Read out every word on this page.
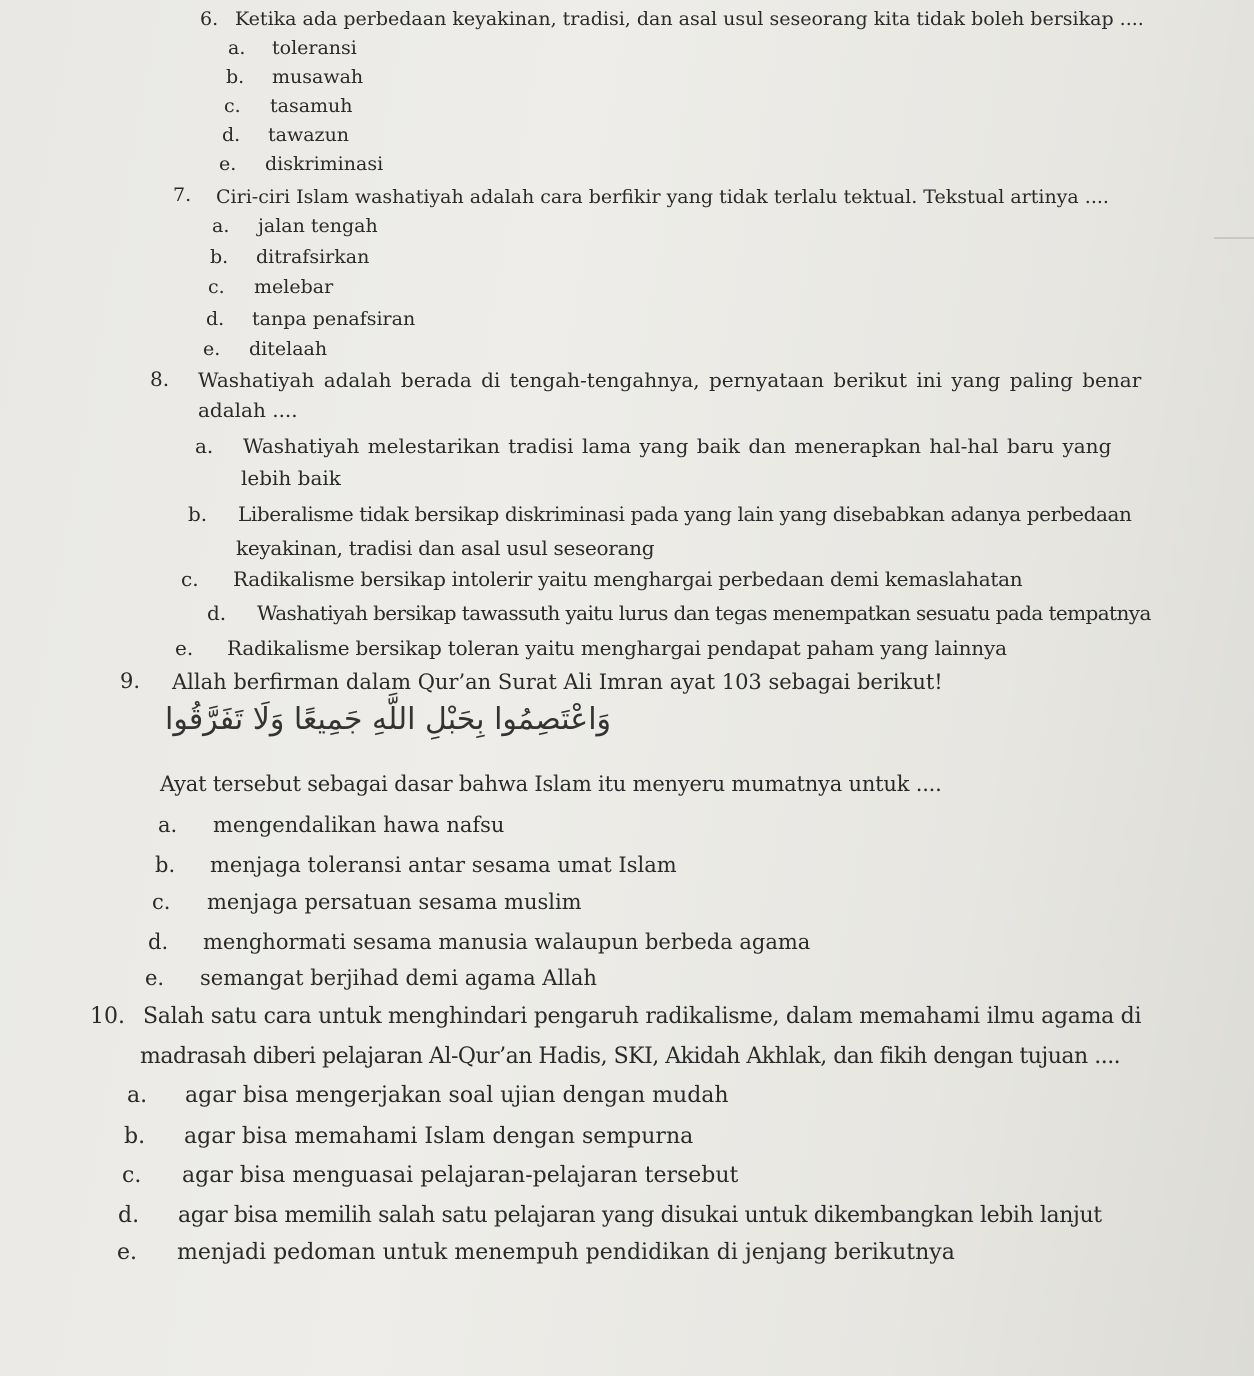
6. Ketika ada perbedaan keyakinan, tradisi, dan asal usul seseorang kita tidak boleh bersikap ....
a. toleransi
b. musawah
c. tasamuh
d. tawazun
e. diskriminasi
7. Ciri-ciri Islam washatiyah adalah cara berfikir yang tidak terlalu tektual. Tekstual artinya ....
a. jalan tengah
b. ditrafsirkan
c. melebar
d. tanpa penafsiran
e. ditelaah
8. Washatiyah adalah berada di tengah-tengahnya, pernyataan berikut ini yang paling benar
adalah ....
a. Washatiyah melestarikan tradisi lama yang baik dan menerapkan hal-hal baru yang
lebih baik
b. Liberalisme tidak bersikap diskriminasi pada yang lain yang disebabkan adanya perbedaan
keyakinan, tradisi dan asal usul seseorang
c. Radikalisme bersikap intolerir yaitu menghargai perbedaan demi kemaslahatan
d. Washatiyah bersikap tawassuth yaitu lurus dan tegas menempatkan sesuatu pada tempatnya
e. Radikalisme bersikap toleran yaitu menghargai pendapat paham yang lainnya
9. Allah berfirman dalam Qur’an Surat Ali Imran ayat 103 sebagai berikut!
وَاعْتَصِمُوا بِحَبْلِ اللَّهِ جَمِيعًا وَلَا تَفَرَّقُوا
Ayat tersebut sebagai dasar bahwa Islam itu menyeru mumatnya untuk ....
a. mengendalikan hawa nafsu
b. menjaga toleransi antar sesama umat Islam
c. menjaga persatuan sesama muslim
d. menghormati sesama manusia walaupun berbeda agama
e. semangat berjihad demi agama Allah
10. Salah satu cara untuk menghindari pengaruh radikalisme, dalam memahami ilmu agama di
madrasah diberi pelajaran Al-Qur’an Hadis, SKI, Akidah Akhlak, dan fikih dengan tujuan ....
a. agar bisa mengerjakan soal ujian dengan mudah
b. agar bisa memahami Islam dengan sempurna
c. agar bisa menguasai pelajaran-pelajaran tersebut
d. agar bisa memilih salah satu pelajaran yang disukai untuk dikembangkan lebih lanjut
e. menjadi pedoman untuk menempuh pendidikan di jenjang berikutnya
